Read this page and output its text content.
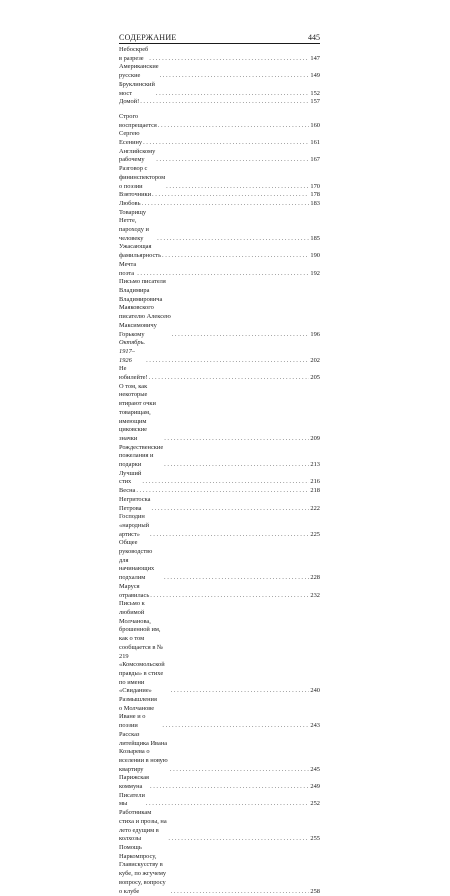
СОДЕРЖАНИЕ	445
Небоскреб в разрезе . . .	147
Американские русские . . .	149
Бруклинский мост . . .	152
Домой! . . .	157
Строго воспрещается . . .	160
Сергею Есенину . . .	161
Английскому рабочему . . .	167
Разговор с фининспектором о поэзии . . .	170
Взяточники . . .	178
Любовь . . .	183
Товарищу Нетте, пароходу и человеку . . .	185
Ужасающая фамильярность . . .	190
Мечта поэта . . .	192
Письмо писателя Владимира Владимировича Маяковского
писателю Алексею Максимовичу Горькому . . .	196
Октябрь. 1917–1926 . . .	202
Не юбилейте! . . .	205
О том, как некоторые втирают очки товарищам,
имеющим циковские значки . . .	209
Рождественские пожелания и подарки . . .	213
Лучший стих . . .	216
Весна . . .	218
Негритоска Петрова . . .	222
Господин «народный артист» . . .	225
Общее руководство для начинающих подхалим . . .	228
Маруся отравилась . . .	232
Письмо к любимой Молчанова, брошенной им, как о том
сообщается в № 219 «Комсомольской правды» в стихе
по имени «Свидание» . . .	240
Размышления о Молчанове Иване и о поэзии . . .	243
Рассказ литейщика Ивана Козырева о вселении в новую
квартиру . . .	245
Парижская коммуна . . .	249
Писатели мы . . .	252
Работникам стиха и прозы, на лето едущим в колхозы . . .	255
Помощь Наркомпросу, Главискусству в кубе, по жгучему
вопросу, вопросу о клубе . . .	258
